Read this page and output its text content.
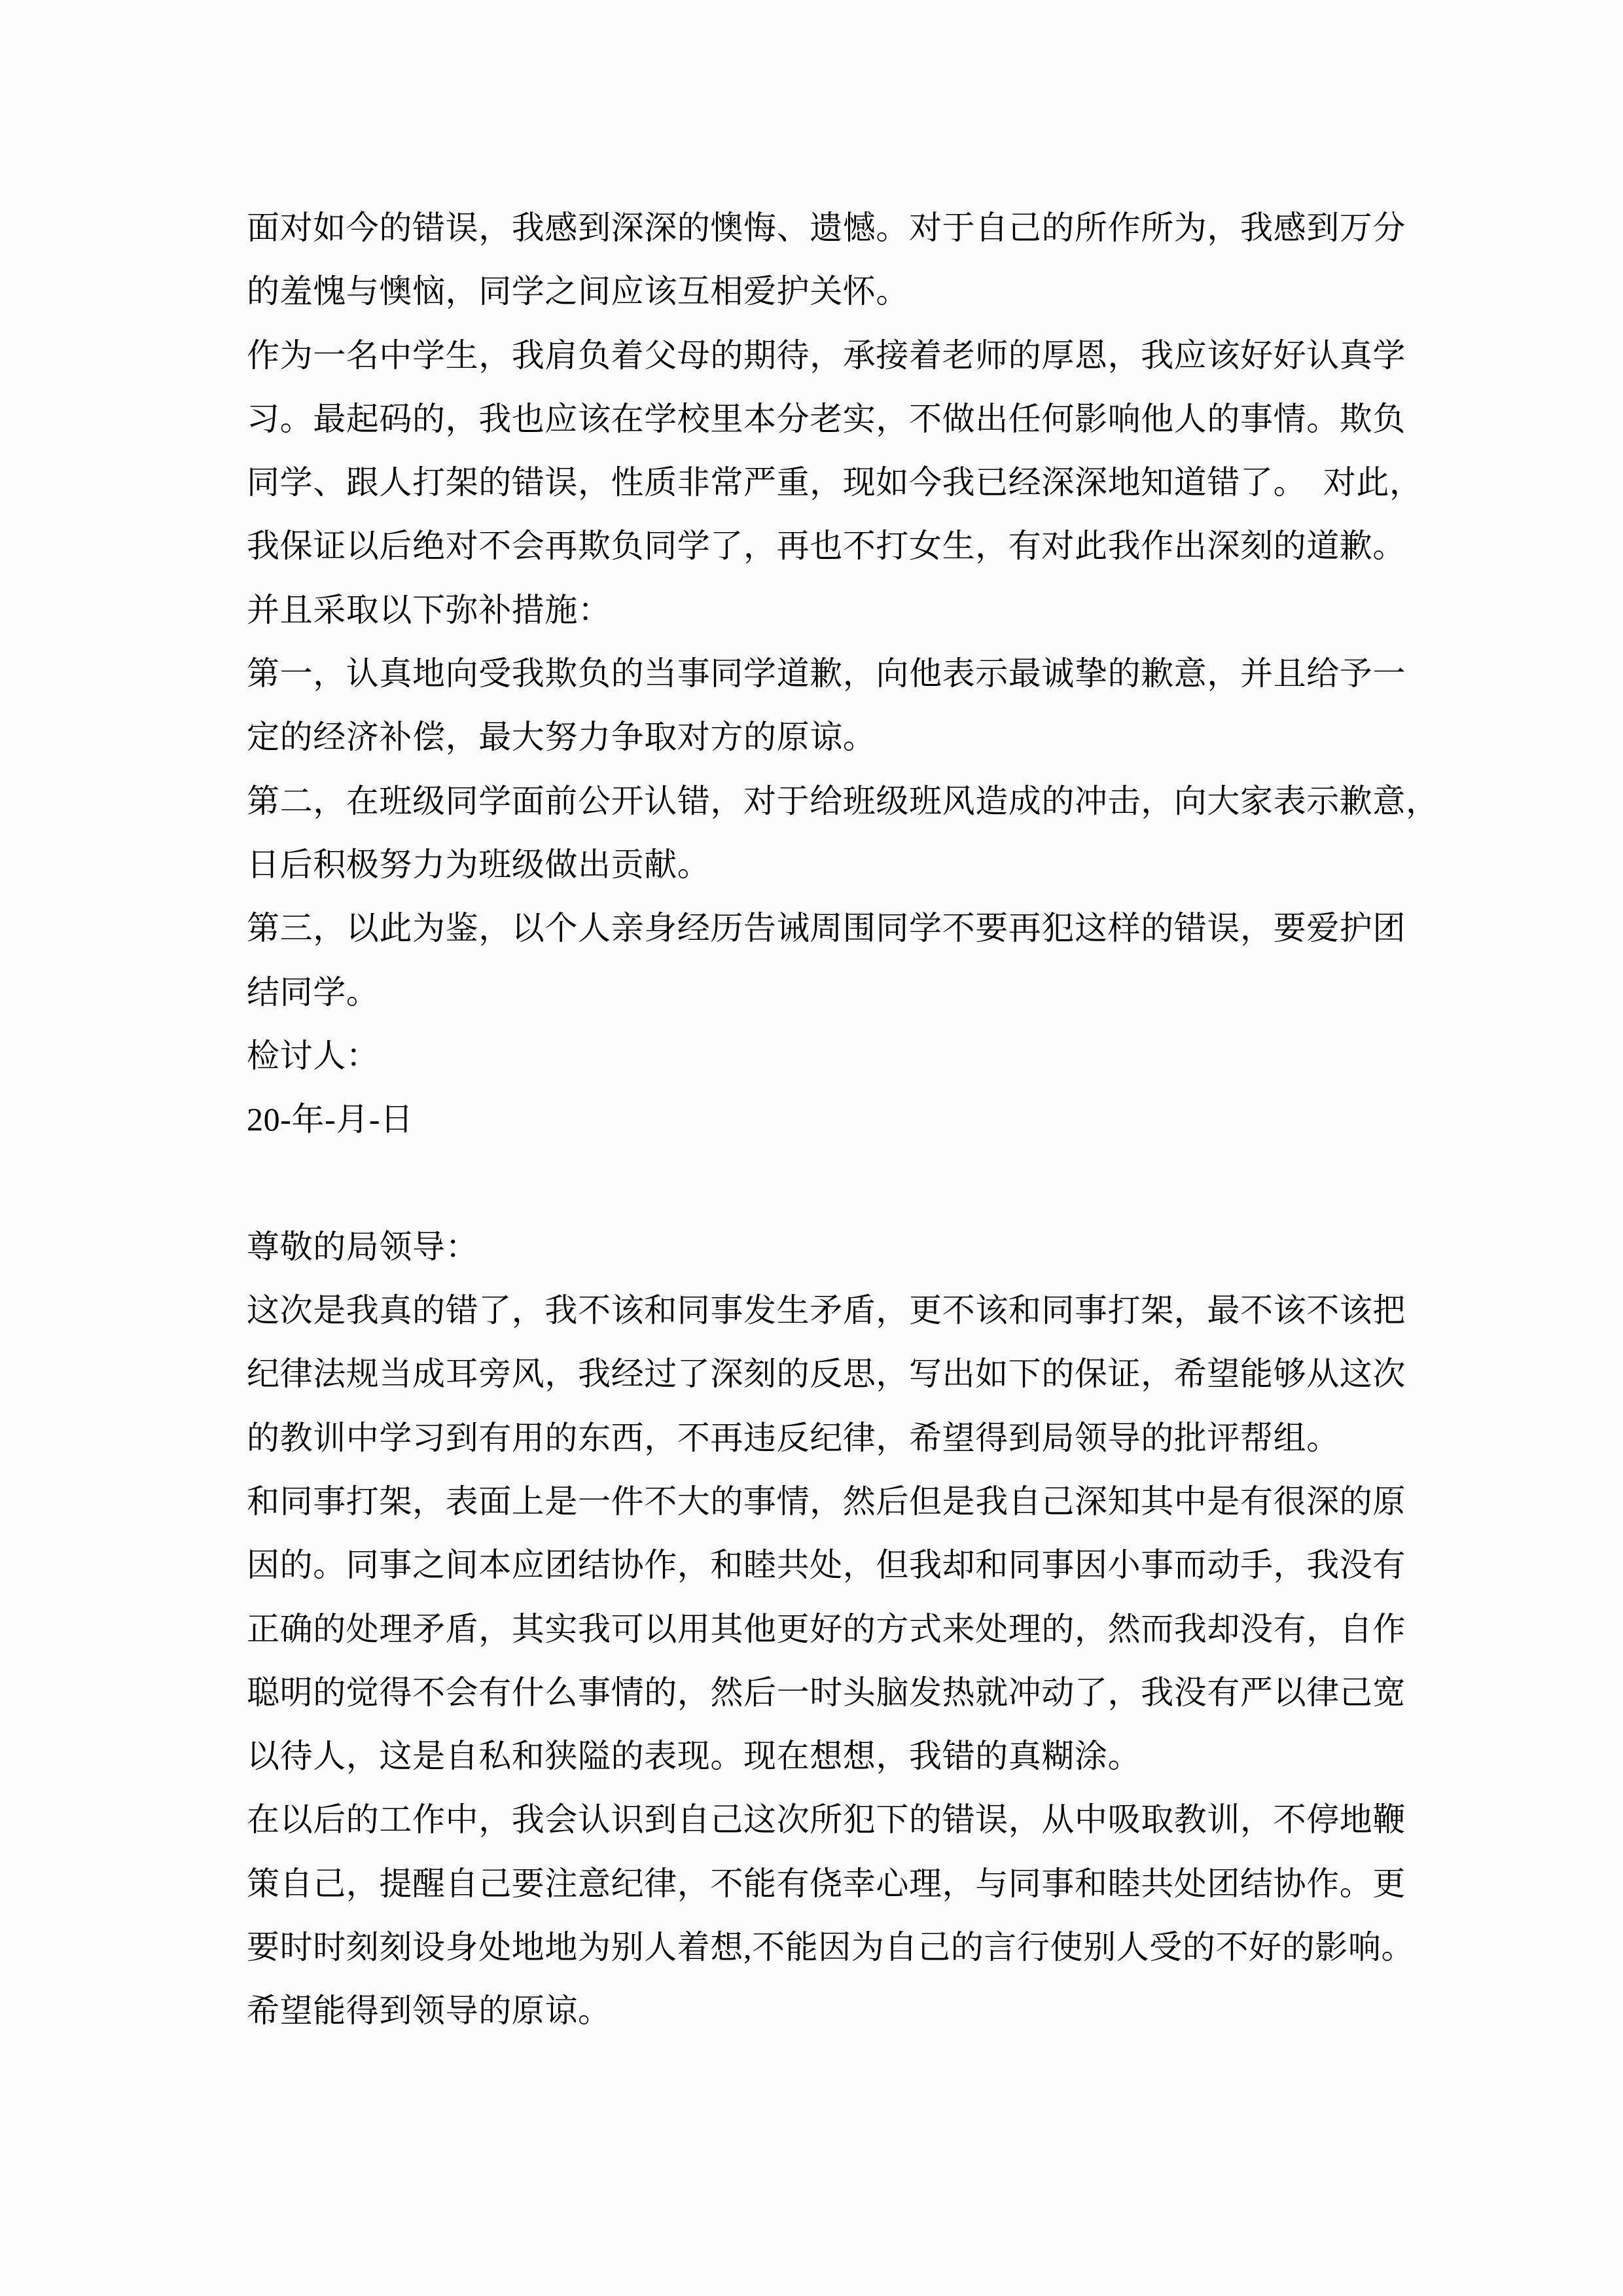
面对如今的错误，我感到深深的懊悔、遗憾。对于自己的所作所为，我感到万分
的羞愧与懊恼，同学之间应该互相爱护关怀。
作为一名中学生，我肩负着父母的期待，承接着老师的厚恩，我应该好好认真学
习。最起码的，我也应该在学校里本分老实，不做出任何影响他人的事情。欺负
同学、跟人打架的错误，性质非常严重，现如今我已经深深地知道错了。　对此，
我保证以后绝对不会再欺负同学了，再也不打女生，有对此我作出深刻的道歉。
并且采取以下弥补措施：
第一，认真地向受我欺负的当事同学道歉，向他表示最诚挚的歉意，并且给予一
定的经济补偿，最大努力争取对方的原谅。
第二，在班级同学面前公开认错，对于给班级班风造成的冲击，向大家表示歉意，
日后积极努力为班级做出贡献。
第三，以此为鉴，以个人亲身经历告诫周围同学不要再犯这样的错误，要爱护团
结同学。
检讨人：
20-年-月-日
尊敬的局领导：
这次是我真的错了，我不该和同事发生矛盾，更不该和同事打架，最不该不该把
纪律法规当成耳旁风，我经过了深刻的反思，写出如下的保证，希望能够从这次
的教训中学习到有用的东西，不再违反纪律，希望得到局领导的批评帮组。
和同事打架，表面上是一件不大的事情，然后但是我自己深知其中是有很深的原
因的。同事之间本应团结协作，和睦共处，但我却和同事因小事而动手，我没有
正确的处理矛盾，其实我可以用其他更好的方式来处理的，然而我却没有，自作
聪明的觉得不会有什么事情的，然后一时头脑发热就冲动了，我没有严以律己宽
以待人，这是自私和狭隘的表现。现在想想，我错的真糊涂。
在以后的工作中，我会认识到自己这次所犯下的错误，从中吸取教训，不停地鞭
策自己，提醒自己要注意纪律，不能有侥幸心理，与同事和睦共处团结协作。更
要时时刻刻设身处地地为别人着想,不能因为自己的言行使别人受的不好的影响。
希望能得到领导的原谅。
